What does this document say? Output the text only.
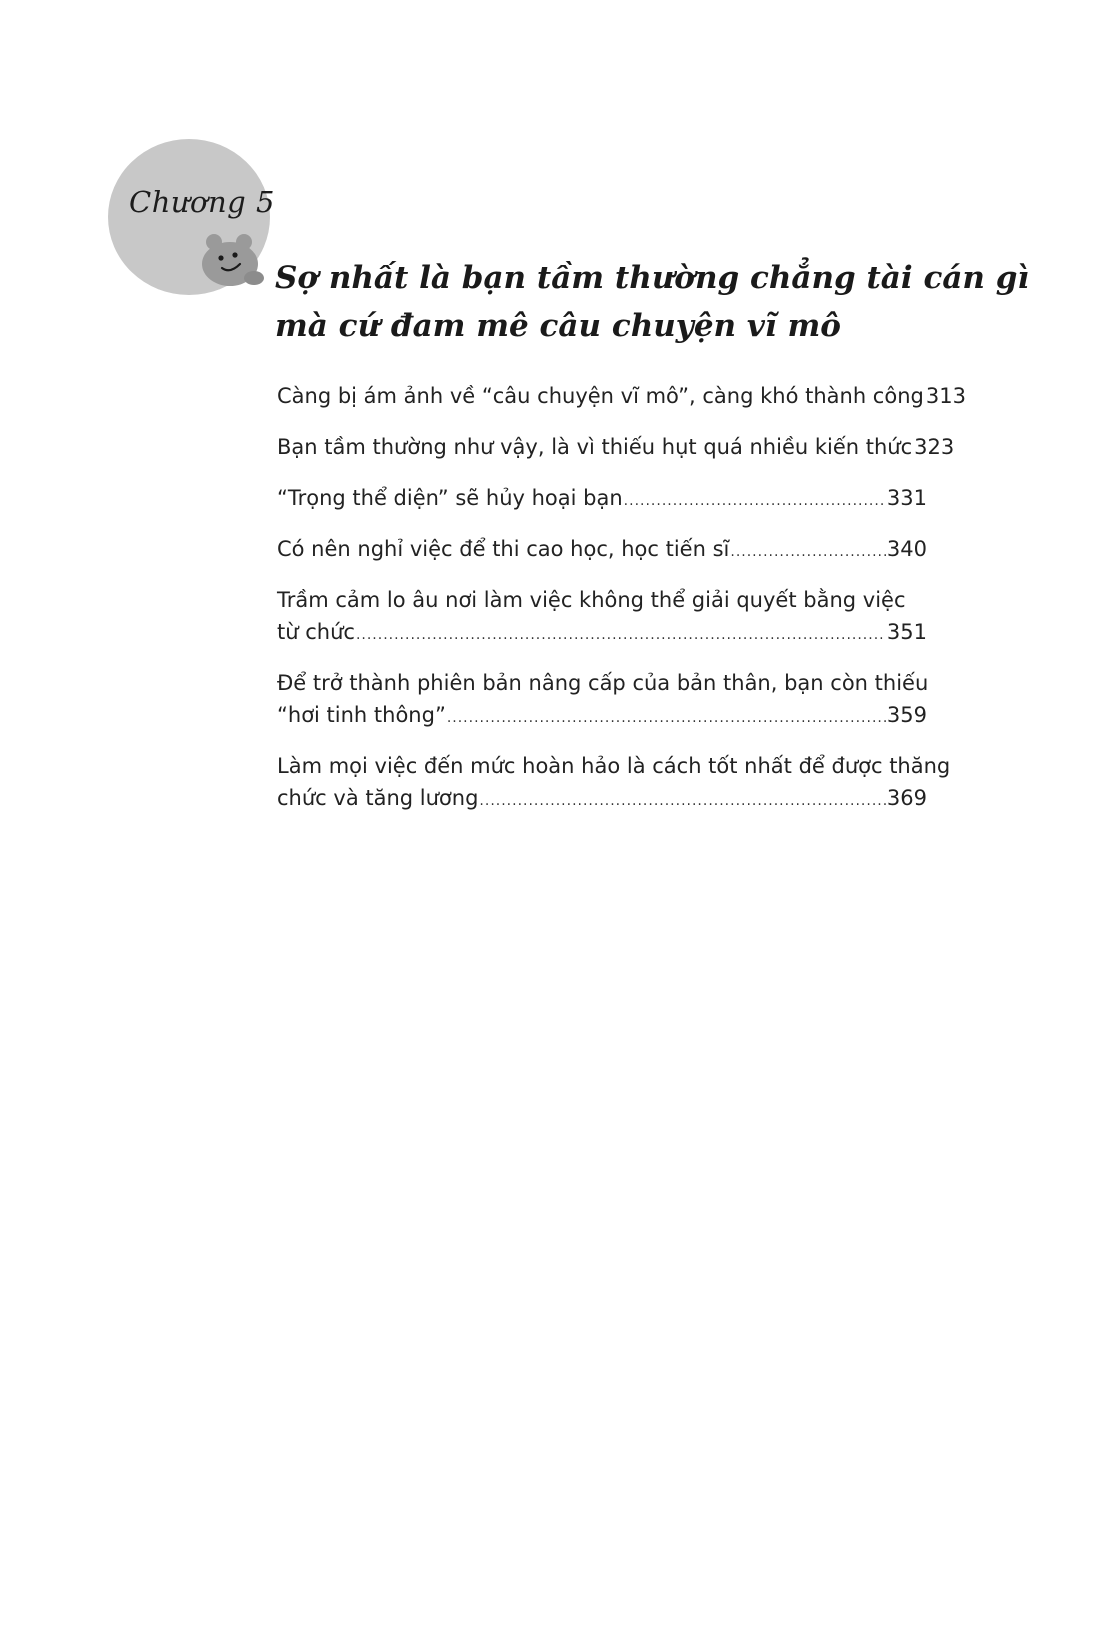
Chương 5
Sợ nhất là bạn tầm thường chẳng tài cán gì
mà cứ đam mê câu chuyện vĩ mô
Càng bị ám ảnh về “câu chuyện vĩ mô”, càng khó thành công 313
Bạn tầm thường như vậy, là vì thiếu hụt quá nhiều kiến thức 323
“Trọng thể diện” sẽ hủy hoại bạn .....	331
Có nên nghỉ việc để thi cao học, học tiến sĩ .....	340
Trầm cảm lo âu nơi làm việc không thể giải quyết bằng việc
từ chức .....	351
Để trở thành phiên bản nâng cấp của bản thân, bạn còn thiếu
“hơi tinh thông” .....	359
Làm mọi việc đến mức hoàn hảo là cách tốt nhất để được thăng
chức và tăng lương .....	369
